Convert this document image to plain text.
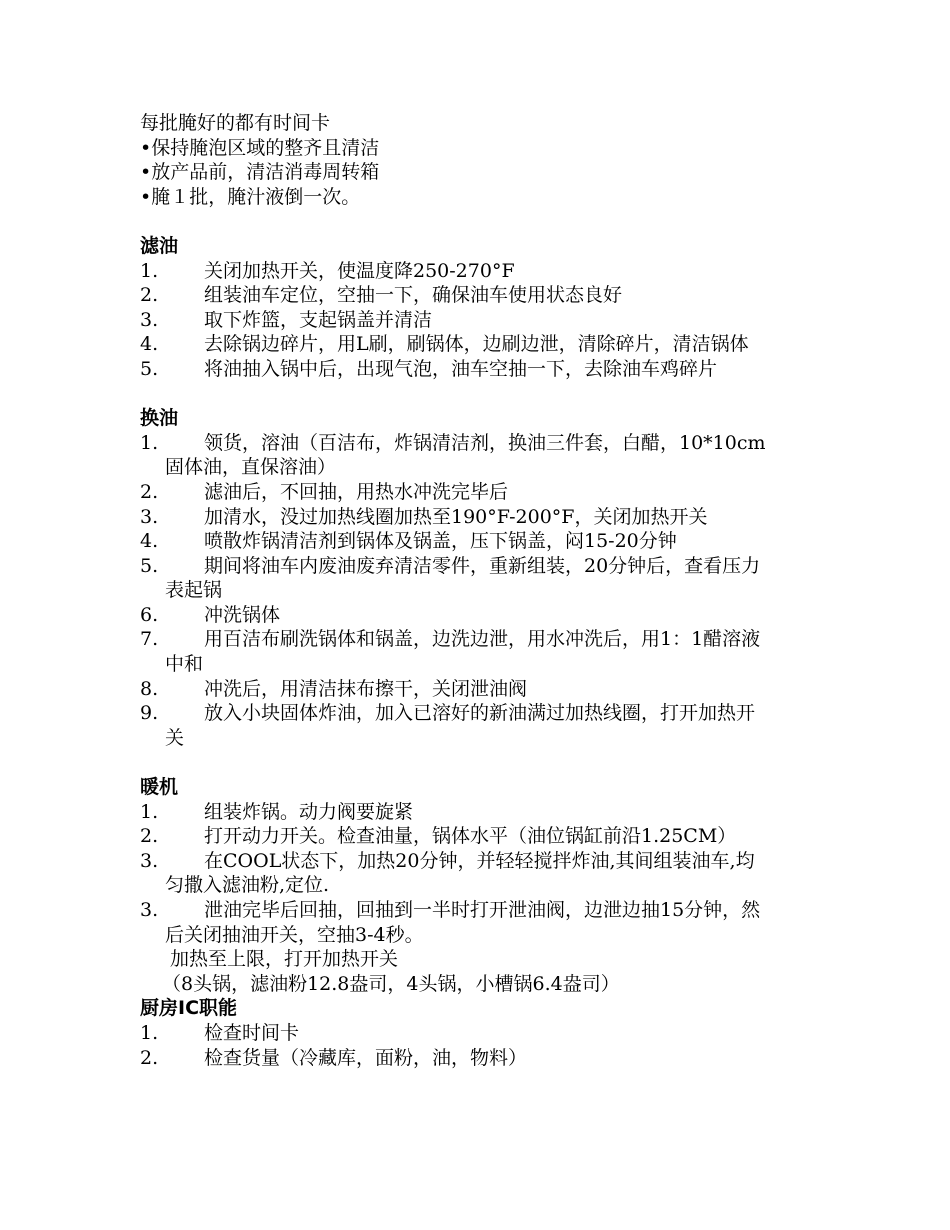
每批腌好的都有时间卡
•保持腌泡区域的整齐且清洁
•放产品前，清洁消毒周转箱
•腌１批，腌汁液倒一次。
滤油
1.	关闭加热开关，使温度降250-270°F
2.	组装油车定位，空抽一下，确保油车使用状态良好
3.	取下炸篮，支起锅盖并清洁
4.	去除锅边碎片，用L刷，刷锅体，边刷边泄，清除碎片，清洁锅体
5.	将油抽入锅中后，出现气泡，油车空抽一下，去除油车鸡碎片
换油
1.	领货，溶油（百洁布，炸锅清洁剂，换油三件套，白醋，10*10cm
固体油，直保溶油）
2.	滤油后，不回抽，用热水冲洗完毕后
3.	加清水，没过加热线圈加热至190°F-200°F，关闭加热开关
4.	喷散炸锅清洁剂到锅体及锅盖，压下锅盖，闷15-20分钟
5.	期间将油车内废油废弃清洁零件，重新组装，20分钟后，查看压力
表起锅
6.	冲洗锅体
7.	用百洁布刷洗锅体和锅盖，边洗边泄，用水冲洗后，用1：1醋溶液
中和
8.	冲洗后，用清洁抹布擦干，关闭泄油阀
9.	放入小块固体炸油，加入已溶好的新油满过加热线圈，打开加热开
关
暖机
1.	组装炸锅。动力阀要旋紧
2.	打开动力开关。检查油量，锅体水平（油位锅缸前沿1.25CM）
3.	在COOL状态下，加热20分钟，并轻轻搅拌炸油,其间组装油车,均
匀撒入滤油粉,定位.
3.	泄油完毕后回抽，回抽到一半时打开泄油阀，边泄边抽15分钟，然
后关闭抽油开关，空抽3-4秒。
加热至上限，打开加热开关
（8头锅，滤油粉12.8盎司，4头锅，小槽锅6.4盎司）
厨房IC职能
1.	检查时间卡
2.	检查货量（冷藏库，面粉，油，物料）
